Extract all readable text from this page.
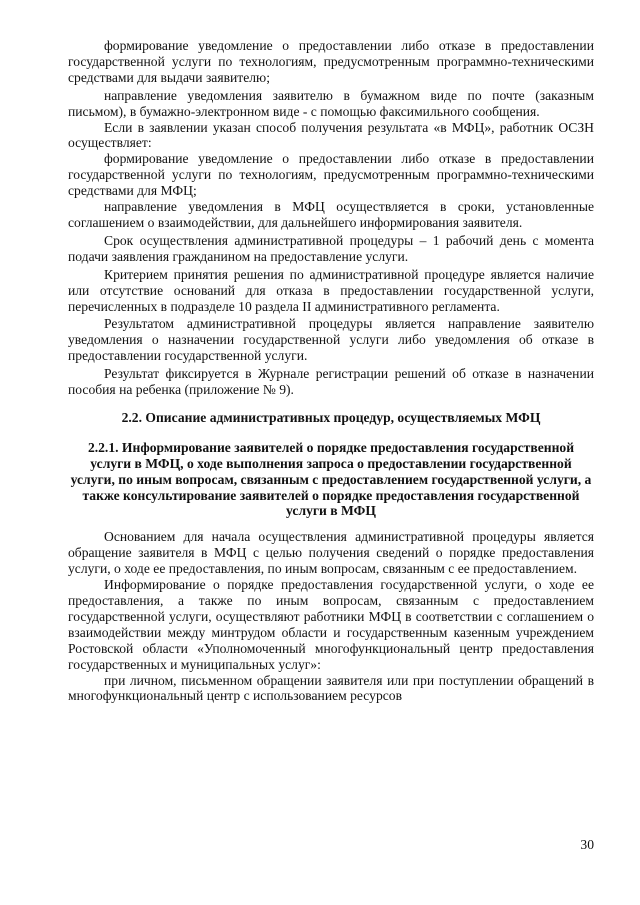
формирование уведомление о предоставлении либо отказе в предоставлении государственной услуги по технологиям, предусмотренным программно-техническими средствами для выдачи заявителю;

направление уведомления заявителю в бумажном виде по почте (заказным письмом), в бумажно-электронном виде - с помощью факсимильного сообщения.

Если в заявлении указан способ получения результата «в МФЦ», работник ОСЗН осуществляет:

формирование уведомление о предоставлении либо отказе в предоставлении государственной услуги по технологиям, предусмотренным программно-техническими средствами для МФЦ;

направление уведомления в МФЦ осуществляется в сроки, установленные соглашением о взаимодействии, для дальнейшего информирования заявителя.

Срок осуществления административной процедуры – 1 рабочий день с момента подачи заявления гражданином на предоставление услуги.

Критерием принятия решения по административной процедуре является наличие или отсутствие оснований для отказа в предоставлении государственной услуги, перечисленных в подразделе 10 раздела II административного регламента.

Результатом административной процедуры является направление заявителю уведомления о назначении государственной услуги либо уведомления об отказе в предоставлении государственной услуги.

Результат фиксируется в Журнале регистрации решений об отказе в назначении пособия на ребенка (приложение № 9).

2.2. Описание административных процедур, осуществляемых МФЦ
2.2.1. Информирование заявителей о порядке предоставления государственной услуги в МФЦ, о ходе выполнения запроса о предоставлении государственной услуги, по иным вопросам, связанным с предоставлением государственной услуги, а также консультирование заявителей о порядке предоставления государственной услуги в МФЦ

Основанием для начала осуществления административной процедуры является обращение заявителя в МФЦ с целью получения сведений о порядке предоставления услуги, о ходе ее предоставления, по иным вопросам, связанным с ее предоставлением.

Информирование о порядке предоставления государственной услуги, о ходе ее предоставления, а также по иным вопросам, связанным с предоставлением государственной услуги, осуществляют работники МФЦ в соответствии с соглашением о взаимодействии между минтрудом области и государственным казенным учреждением Ростовской области «Уполномоченный многофункциональный центр предоставления государственных и муниципальных услуг»:

при личном, письменном обращении заявителя или при поступлении обращений в многофункциональный центр с использованием ресурсов

30
